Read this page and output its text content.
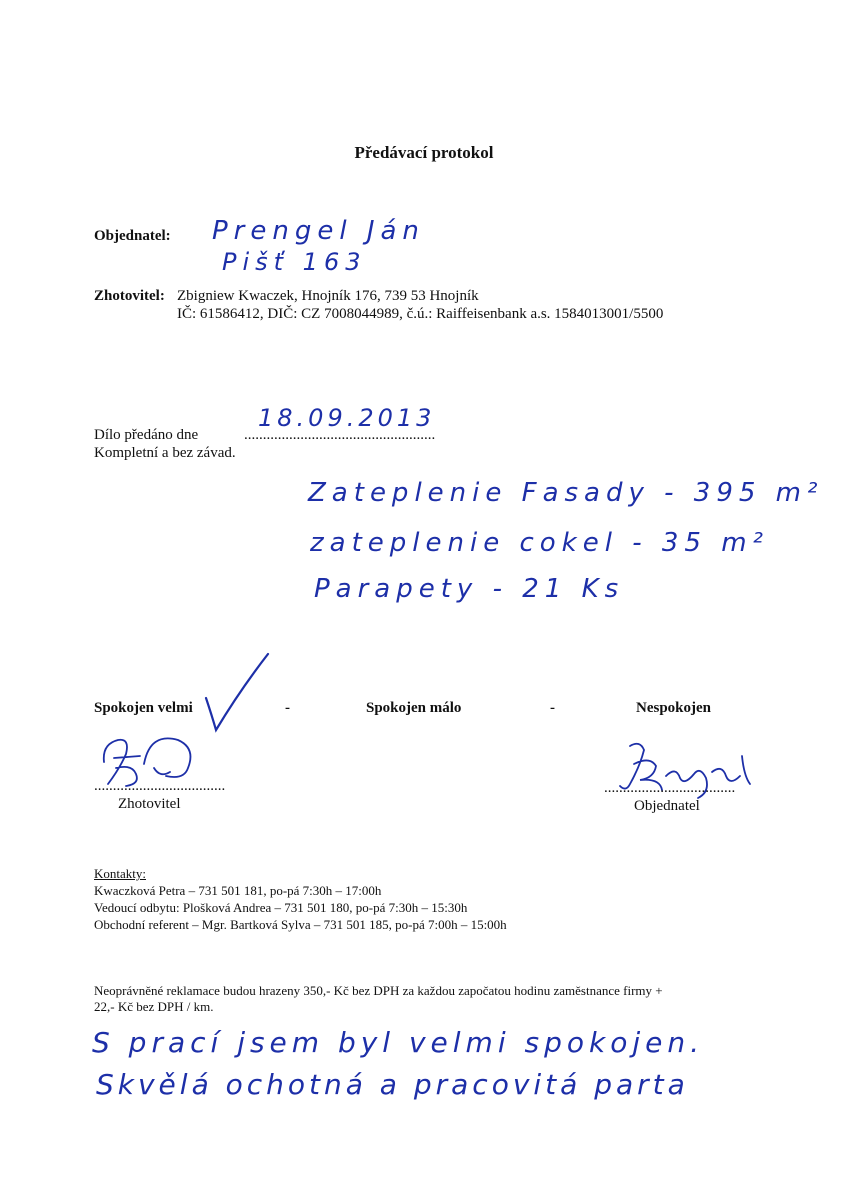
Předávací protokol
Objednatel: Prengel Ján
Pišť 163
Zhotovitel: Zbigniew Kwaczek, Hnojník 176, 739 53 Hnojník
IČ: 61586412, DIČ: CZ 7008044989, č.ú.: Raiffeisenbank a.s. 1584013001/5500
Dílo předáno dne	...................................................
18.09.2013
Kompletní a bez závad.
Zateplenie Fasady - 395 m²
zateplenie cokel - 35 m²
Parapety - 21 Ks
Spokojen velmi	-	Spokojen málo	-	Nespokojen
...................................
Zhotovitel
...................................
Objednatel
Kontakty:
Kwaczková Petra – 731 501 181, po-pá 7:30h – 17:00h
Vedoucí odbytu: Plošková Andrea – 731 501 180, po-pá 7:30h – 15:30h
Obchodní referent – Mgr. Bartková Sylva – 731 501 185, po-pá 7:00h – 15:00h
Neoprávněné reklamace budou hrazeny 350,- Kč bez DPH za každou započatou hodinu zaměstnance firmy +
22,- Kč bez DPH / km.
S prací jsem byl velmi spokojen.
Skvělá ochotná a pracovitá parta
